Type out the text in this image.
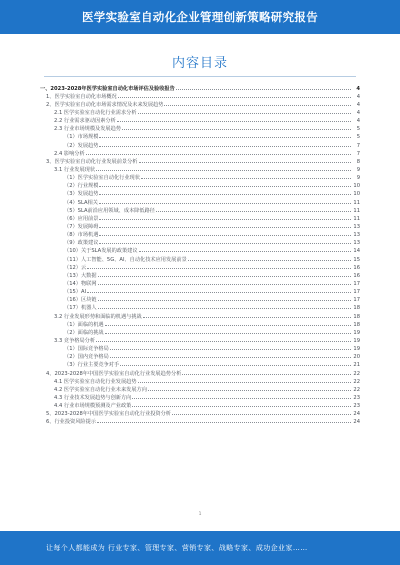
医学实验室自动化企业管理创新策略研究报告
内容目录
一、2023-2028年医学实验室自动化市场评估及验收报告	4
1、医学实验室自动化市场概况	4
2、医学实验室自动化市场需求情况及未来发展趋势	4
2.1 医学实验室自动化行业需求分析	4
2.2 行业需求驱动因素分析	4
2.3 行业市场规模及发展趋势	5
（1）市场规模	5
（2）发展趋势	7
2.4 影响分析	7
3、医学实验室自动化行业发展前景分析	8
3.1 行业发展现状	9
（1）医学实验室自动化行业现状	9
（2）行业规模	10
（3）发展趋势	10
（4）SLA相关	11
（5）SLA前沿应用领域、成本降低路径	11
（6）应用前景	11
（7）发展障碍	13
（8）市场机遇	13
（9）政策建议	13
（10）关于SLA发展的政策建议	14
（11）人工智能、5G、AI、自动化技术应用发展前景	15
（12）云	16
（13）大数据	16
（14）物联网	17
（15）AI	17
（16）区块链	17
（17）机器人	18
3.2 行业发展形势和面临的机遇与挑战	18
（1）面临的机遇	18
（2）面临的挑战	19
3.3 竞争格局分析	19
（1）国际竞争格局	19
（2）国内竞争格局	20
（3）行业主要竞争对手	21
4、2023-2028年中国医学实验室自动化行业发展趋势分析	22
4.1 医学实验室自动化行业发展趋势	22
4.2 医学实验室自动化行业未来发展方向	22
4.3 行业技术发展趋势与创新方向	23
4.4 行业市场规模预测及产业政策	23
5、2023-2028年中国医学实验室自动化行业投资分析	24
6、行业投资风险提示	24
1
让每个人都能成为 行业专家、管理专家、营销专家、战略专家、成功企业家……
